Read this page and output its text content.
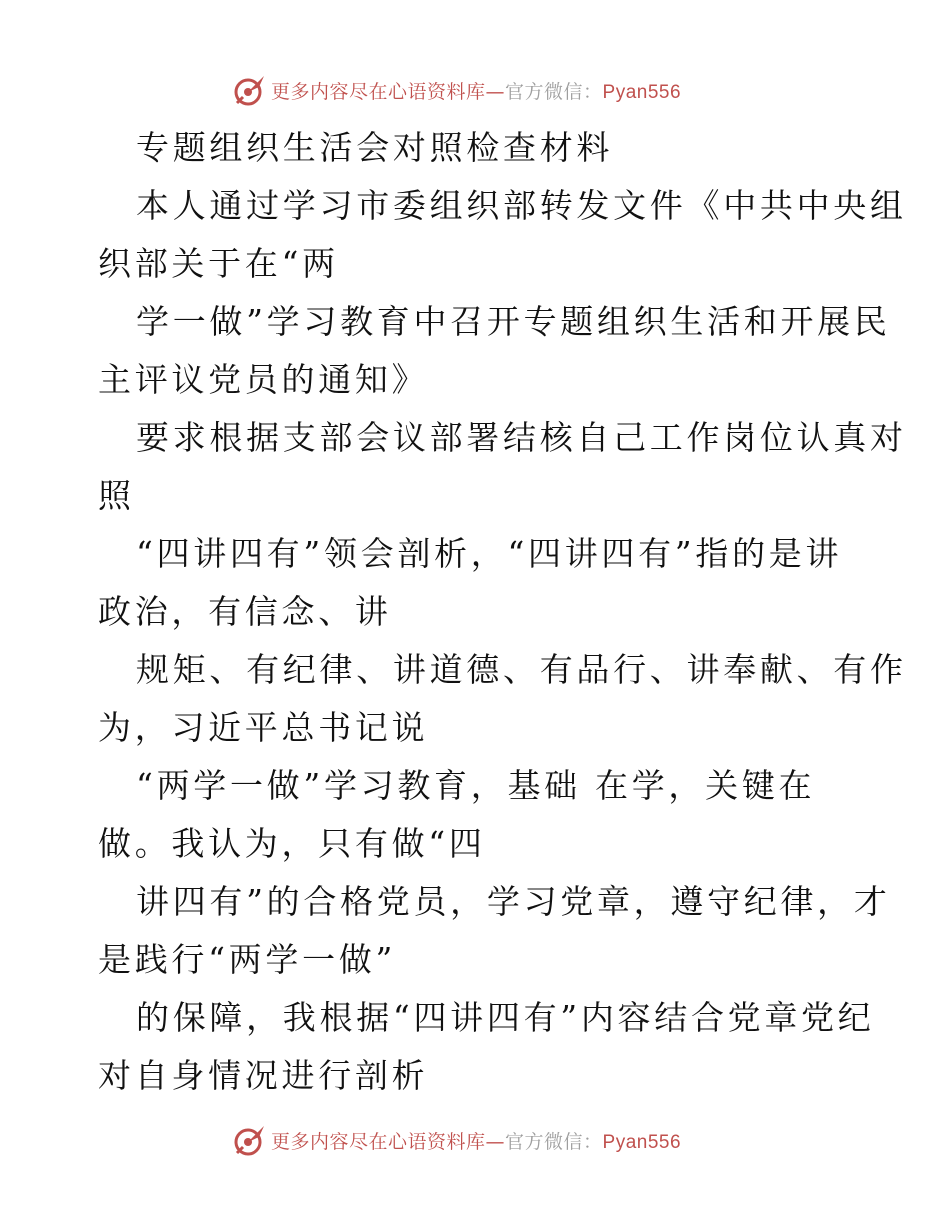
更多内容尽在心语资料库—官方微信：Pyan556
专题组织生活会对照检查材料
本人通过学习市委组织部转发文件《中共中央组
织部关于在“两
学一做”学习教育中召开专题组织生活和开展民
主评议党员的通知》
要求根据支部会议部署结核自己工作岗位认真对
照
“四讲四有”领会剖析，“四讲四有”指的是讲
政治，有信念、讲
规矩、有纪律、讲道德、有品行、讲奉献、有作
为，习近平总书记说
“两学一做”学习教育，基础 在学，关键在
做。我认为，只有做“四
讲四有”的合格党员，学习党章，遵守纪律，才
是践行“两学一做”
的保障，我根据“四讲四有”内容结合党章党纪
对自身情况进行剖析
更多内容尽在心语资料库—官方微信：Pyan556
